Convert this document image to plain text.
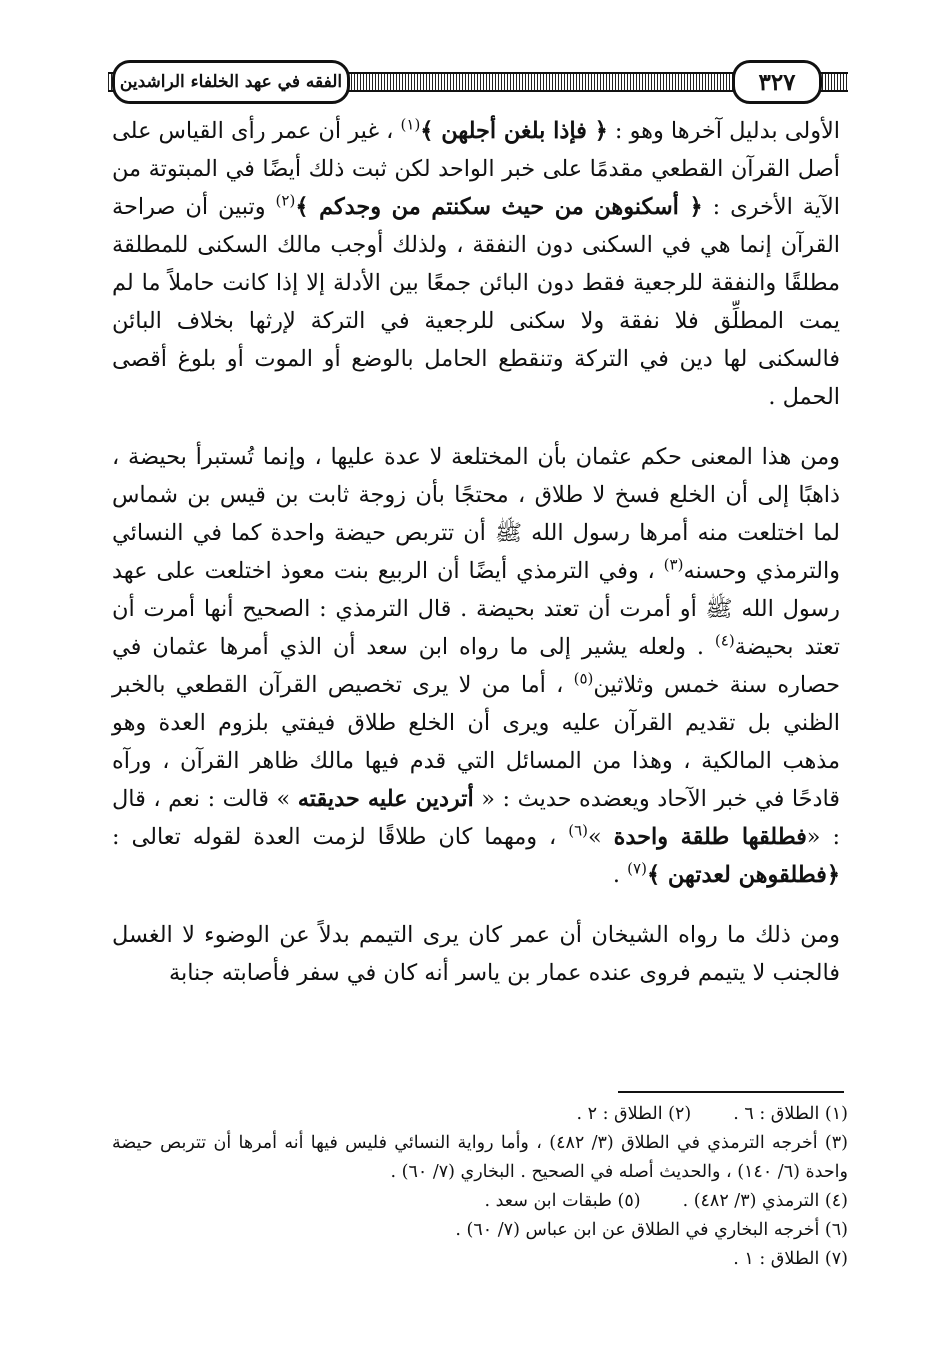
الفقه في عهد الخلفاء الراشدين	٣٢٧

الأولى بدليل آخرها وهو : ﴿ فإذا بلغن أجلهن ﴾$^{(١)}$ ، غير أن عمر رأى القياس على أصل القرآن القطعي مقدمًا على خبر الواحد لكن ثبت ذلك أيضًا في المبتوتة من الآية الأخرى : ﴿ أسكنوهن من حيث سكنتم من وجدكم ﴾$^{(٢)}$ وتبين أن صراحة القرآن إنما هي في السكنى دون النفقة ، ولذلك أوجب مالك السكنى للمطلقة مطلقًا والنفقة للرجعية فقط دون البائن جمعًا بين الأدلة إلا إذا كانت حاملاً ما لم يمت المطلِّق فلا نفقة ولا سكنى للرجعية في التركة لإرثها بخلاف البائن فالسكنى لها دين في التركة وتنقطع الحامل بالوضع أو الموت أو بلوغ أقصى الحمل .

ومن هذا المعنى حكم عثمان بأن المختلعة لا عدة عليها ، وإنما تُستبرأ بحيضة ، ذاهبًا إلى أن الخلع فسخ لا طلاق ، محتجًا بأن زوجة ثابت بن قيس بن شماس لما اختلعت منه أمرها رسول الله ﷺ أن تتربص حيضة واحدة كما في النسائي والترمذي وحسنه$^{(٣)}$ ، وفي الترمذي أيضًا أن الربيع بنت معوذ اختلعت على عهد رسول الله ﷺ أو أمرت أن تعتد بحيضة . قال الترمذي : الصحيح أنها أمرت أن تعتد بحيضة$^{(٤)}$ . ولعله يشير إلى ما رواه ابن سعد أن الذي أمرها عثمان في حصاره سنة خمس وثلاثين$^{(٥)}$ ، أما من لا يرى تخصيص القرآن القطعي بالخبر الظني بل تقديم القرآن عليه ويرى أن الخلع طلاق فيفتي بلزوم العدة وهو مذهب المالكية ، وهذا من المسائل التي قدم فيها مالك ظاهر القرآن ، ورآه قادحًا في خبر الآحاد ويعضده حديث : « أتردين عليه حديقته » قالت : نعم ، قال : «فطلقها طلقة واحدة »$^{(٦)}$ ، ومهما كان طلاقًا لزمت العدة لقوله تعالى : ﴿فطلقوهن لعدتهن ﴾$^{(٧)}$ .

ومن ذلك ما رواه الشيخان أن عمر كان يرى التيمم بدلاً عن الوضوء لا الغسل فالجنب لا يتيمم فروى عنده عمار بن ياسر أنه كان في سفر فأصابته جنابة

(١) الطلاق : ٦ .(٢) الطلاق : ٢ .

(٣) أخرجه الترمذي في الطلاق (٣/ ٤٨٢) ، وأما رواية النسائي فليس فيها أنه أمرها أن تتربص حيضة واحدة (٦/ ١٤٠) ، والحديث أصله في الصحيح . البخاري (٧/ ٦٠) .

(٤) الترمذي (٣/ ٤٨٢) .(٥) طبقات ابن سعد .

(٦) أخرجه البخاري في الطلاق عن ابن عباس (٧/ ٦٠) .

(٧) الطلاق : ١ .
